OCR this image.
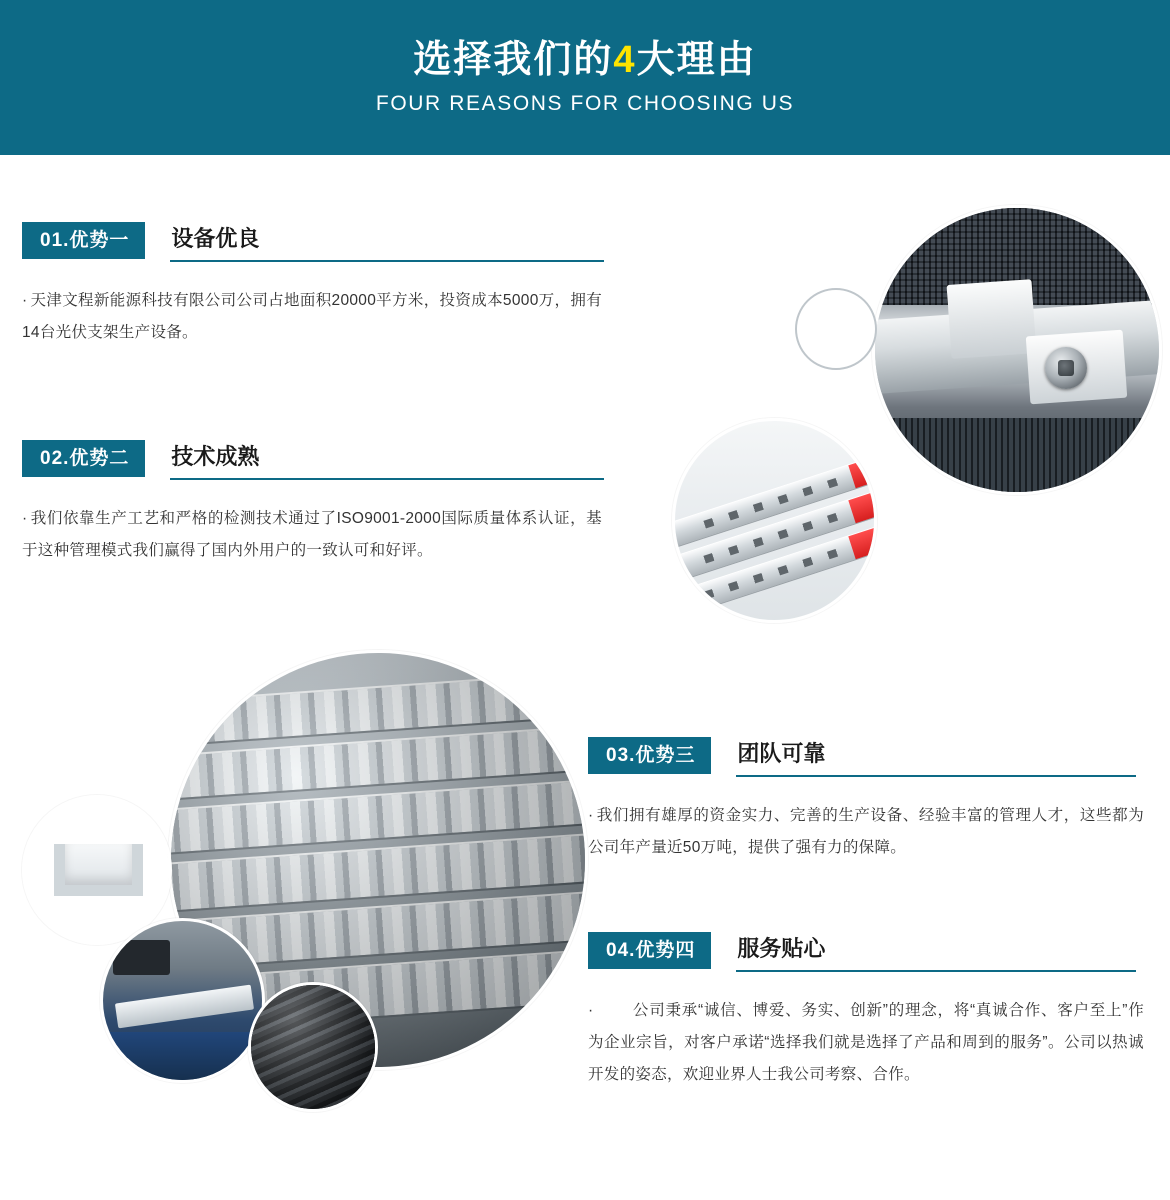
选择我们的4大理由
FOUR REASONS FOR CHOOSING US
01.优势一	设备优良
· 天津文程新能源科技有限公司公司占地面积20000平方米，投资成本5000万，拥有14台光伏支架生产设备。
02.优势二	技术成熟
· 我们依靠生产工艺和严格的检测技术通过了ISO9001-2000国际质量体系认证，基于这种管理模式我们赢得了国内外用户的一致认可和好评。
03.优势三	团队可靠
· 我们拥有雄厚的资金实力、完善的生产设备、经验丰富的管理人才，这些都为公司年产量近50万吨，提供了强有力的保障。
04.优势四	服务贴心
·	公司秉承“诚信、博爱、务实、创新”的理念，将“真诚合作、客户至上”作为企业宗旨，对客户承诺“选择我们就是选择了产品和周到的服务”。公司以热诚开发的姿态，欢迎业界人士我公司考察、合作。
